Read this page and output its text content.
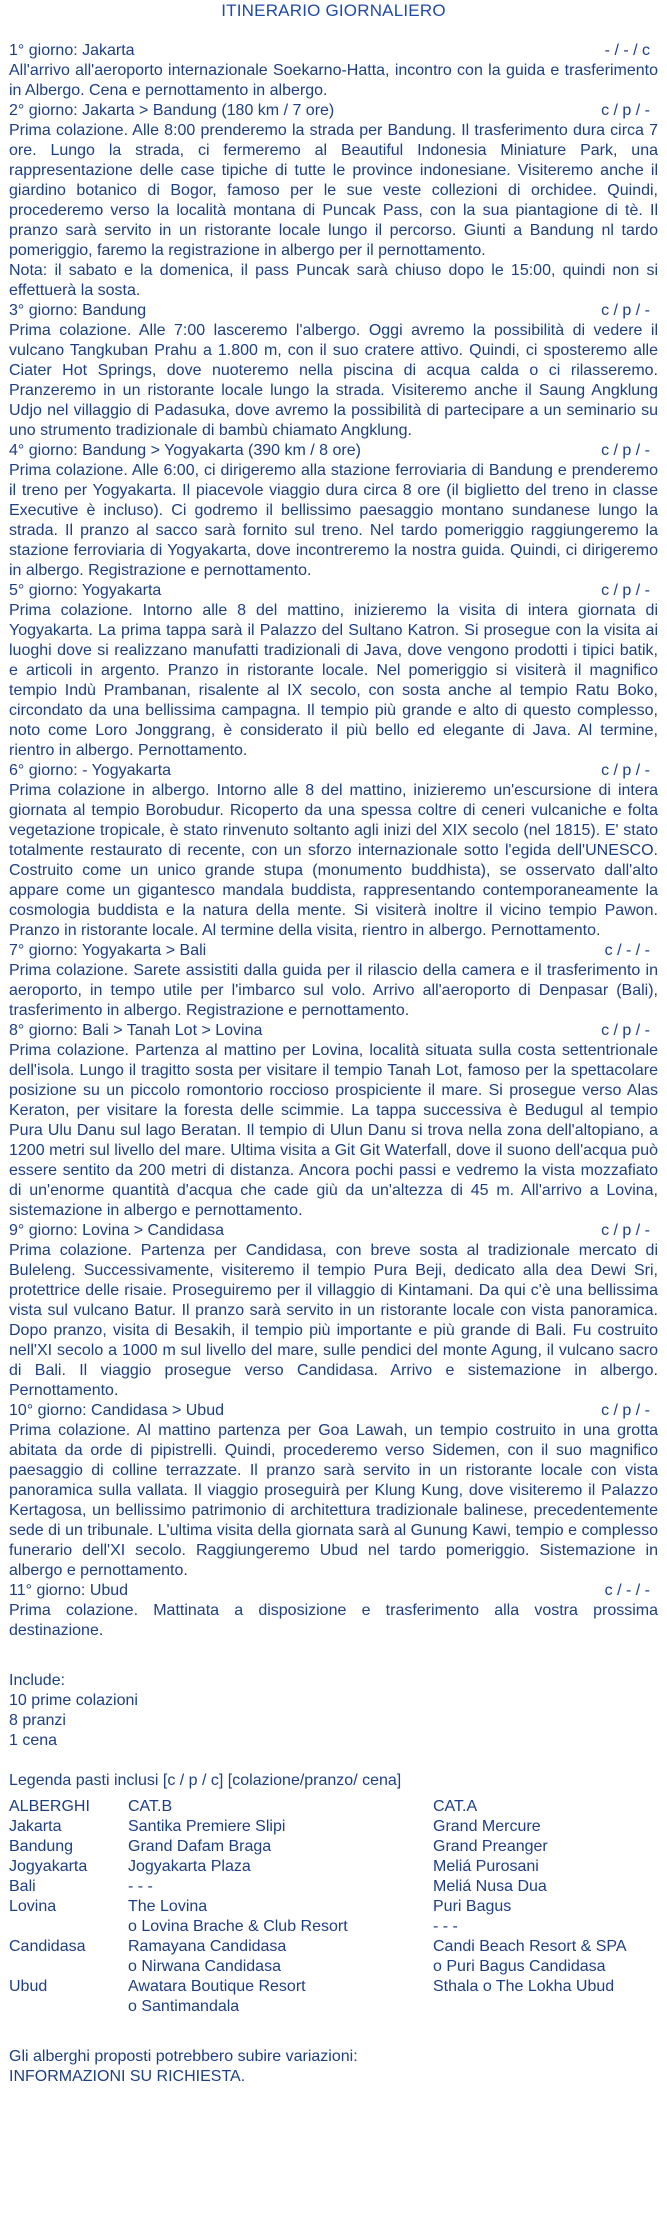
ITINERARIO GIORNALIERO
1° giorno: Jakarta	- / - / c
All'arrivo all'aeroporto internazionale Soekarno-Hatta, incontro con la guida e trasferimento in Albergo. Cena e pernottamento in albergo.
2° giorno: Jakarta > Bandung (180 km / 7 ore)	c / p / -
Prima colazione. Alle 8:00 prenderemo la strada per Bandung. Il trasferimento dura circa 7 ore. Lungo la strada, ci fermeremo al Beautiful Indonesia Miniature Park, una rappresentazione delle case tipiche di tutte le province indonesiane. Visiteremo anche il giardino botanico di Bogor, famoso per le sue veste collezioni di orchidee. Quindi, procederemo verso la località montana di Puncak Pass, con la sua piantagione di tè. Il pranzo sarà servito in un ristorante locale lungo il percorso. Giunti a Bandung nl tardo pomeriggio, faremo la registrazione in albergo per il pernottamento.
Nota: il sabato e la domenica, il pass Puncak sarà chiuso dopo le 15:00, quindi non si effettuerà la sosta.
3° giorno: Bandung	c / p / -
Prima colazione. Alle 7:00 lasceremo l'albergo. Oggi avremo la possibilità di vedere il vulcano Tangkuban Prahu a 1.800 m, con il suo cratere attivo. Quindi, ci sposteremo alle Ciater Hot Springs, dove nuoteremo nella piscina di acqua calda o ci rilasseremo. Pranzeremo in un ristorante locale lungo la strada. Visiteremo anche il Saung Angklung Udjo nel villaggio di Padasuka, dove avremo la possibilità di partecipare a un seminario su uno strumento tradizionale di bambù chiamato Angklung.
4° giorno: Bandung > Yogyakarta (390 km / 8 ore)	c / p / -
Prima colazione. Alle 6:00, ci dirigeremo alla stazione ferroviaria di Bandung e prenderemo il treno per Yogyakarta. Il piacevole viaggio dura circa 8 ore (il biglietto del treno in classe Executive è incluso). Ci godremo il bellissimo paesaggio montano sundanese lungo la strada. Il pranzo al sacco sarà fornito sul treno. Nel tardo pomeriggio raggiungeremo la stazione ferroviaria di Yogyakarta, dove incontreremo la nostra guida. Quindi, ci dirigeremo in albergo. Registrazione e pernottamento.
5° giorno: Yogyakarta	c / p / -
Prima colazione. Intorno alle 8 del mattino, inizieremo la visita di intera giornata di Yogyakarta. La prima tappa sarà il Palazzo del Sultano Katron. Si prosegue con la visita ai luoghi dove si realizzano manufatti tradizionali di Java, dove vengono prodotti i tipici batik, e articoli in argento. Pranzo in ristorante locale. Nel pomeriggio si visiterà il magnifico tempio Indù Prambanan, risalente al IX secolo, con sosta anche al tempio Ratu Boko, circondato da una bellissima campagna. Il tempio più grande e alto di questo complesso, noto come Loro Jonggrang, è considerato il più bello ed elegante di Java. Al termine, rientro in albergo. Pernottamento.
6° giorno: - Yogyakarta	c / p / -
Prima colazione in albergo. Intorno alle 8 del mattino, inizieremo un'escursione di intera giornata al tempio Borobudur. Ricoperto da una spessa coltre di ceneri vulcaniche e folta vegetazione tropicale, è stato rinvenuto soltanto agli inizi del XIX secolo (nel 1815). E' stato totalmente restaurato di recente, con un sforzo internazionale sotto l'egida dell'UNESCO. Costruito come un unico grande stupa (monumento buddhista), se osservato dall'alto appare come un gigantesco mandala buddista, rappresentando contemporaneamente la cosmologia buddista e la natura della mente. Si visiterà inoltre il vicino tempio Pawon. Pranzo in ristorante locale. Al termine della visita, rientro in albergo. Pernottamento.
7° giorno: Yogyakarta > Bali	c / - / -
Prima colazione. Sarete assistiti dalla guida per il rilascio della camera e il trasferimento in aeroporto, in tempo utile per l'imbarco sul volo. Arrivo all'aeroporto di Denpasar (Bali), trasferimento in albergo. Registrazione e pernottamento.
8° giorno: Bali > Tanah Lot > Lovina	c / p / -
Prima colazione. Partenza al mattino per Lovina, località situata sulla costa settentrionale dell'isola. Lungo il tragitto sosta per visitare il tempio Tanah Lot, famoso per la spettacolare posizione su un piccolo romontorio roccioso prospiciente il mare. Si prosegue verso Alas Keraton, per visitare la foresta delle scimmie. La tappa successiva è Bedugul al tempio Pura Ulu Danu sul lago Beratan. Il tempio di Ulun Danu si trova nella zona dell'altopiano, a 1200 metri sul livello del mare. Ultima visita a Git Git Waterfall, dove il suono dell'acqua può essere sentito da 200 metri di distanza. Ancora pochi passi e vedremo la vista mozzafiato di un'enorme quantità d'acqua che cade giù da un'altezza di 45 m. All'arrivo a Lovina, sistemazione in albergo e pernottamento.
9° giorno: Lovina > Candidasa	c / p / -
Prima colazione. Partenza per Candidasa, con breve sosta al tradizionale mercato di Buleleng. Successivamente, visiteremo il tempio Pura Beji, dedicato alla dea Dewi Sri, protettrice delle risaie. Proseguiremo per il villaggio di Kintamani. Da qui c'è una bellissima vista sul vulcano Batur. Il pranzo sarà servito in un ristorante locale con vista panoramica. Dopo pranzo, visita di Besakih, il tempio più importante e più grande di Bali. Fu costruito nell'XI secolo a 1000 m sul livello del mare, sulle pendici del monte Agung, il vulcano sacro di Bali. Il viaggio prosegue verso Candidasa. Arrivo e sistemazione in albergo. Pernottamento.
10° giorno: Candidasa > Ubud	c / p / -
Prima colazione. Al mattino partenza per Goa Lawah, un tempio costruito in una grotta abitata da orde di pipistrelli. Quindi, procederemo verso Sidemen, con il suo magnifico paesaggio di colline terrazzate. Il pranzo sarà servito in un ristorante locale con vista panoramica sulla vallata. Il viaggio proseguirà per Klung Kung, dove visiteremo il Palazzo Kertagosa, un bellissimo patrimonio di architettura tradizionale balinese, precedentemente sede di un tribunale. L'ultima visita della giornata sarà al Gunung Kawi, tempio e complesso funerario dell'XI secolo. Raggiungeremo Ubud nel tardo pomeriggio. Sistemazione in albergo e pernottamento.
11° giorno: Ubud	c / - / -
Prima colazione. Mattinata a disposizione e trasferimento alla vostra prossima destinazione.
Include:
10 prime colazioni
8 pranzi
1 cena
Legenda pasti inclusi [c / p / c] [colazione/pranzo/ cena]
ALBERGHI	CAT.B	CAT.A
Jakarta	Santika Premiere Slipi	Grand Mercure
Bandung	Grand Dafam Braga	Grand Preanger
Jogyakarta	Jogyakarta Plaza	Meliá Purosani
Bali	- - -	Meliá Nusa Dua
Lovina	The Lovina	Puri Bagus
	o Lovina Brache & Club Resort	- - -
Candidasa	Ramayana Candidasa	Candi Beach Resort & SPA
	o Nirwana Candidasa	o Puri Bagus Candidasa
Ubud	Awatara Boutique Resort	Sthala o The Lokha Ubud
	o Santimandala	
Gli alberghi proposti potrebbero subire variazioni:
INFORMAZIONI SU RICHIESTA.
